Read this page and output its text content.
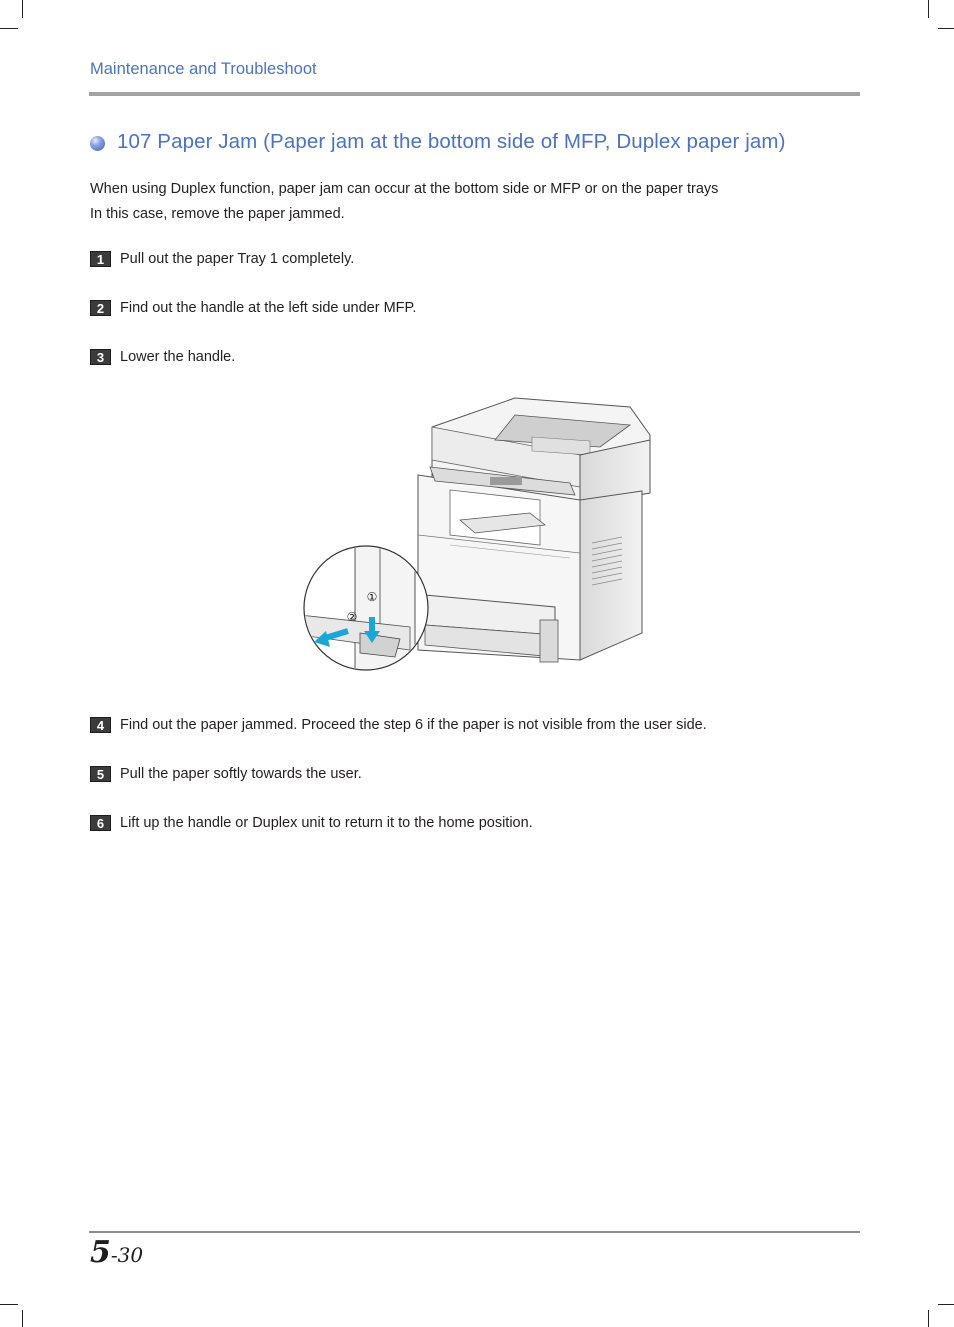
Maintenance and Troubleshoot
107 Paper Jam (Paper jam at the bottom side of MFP, Duplex paper jam)
When using Duplex function, paper jam can occur at the bottom side or MFP or on the paper trays
In this case, remove the paper jammed.
1	Pull out the paper Tray 1 completely.
2	Find out the handle at the left side under MFP.
3	Lower the handle.
①
②
4	Find out the paper jammed. Proceed the step 6 if the paper is not visible from the user side.
5	Pull the paper softly towards the user.
6	Lift up the handle or Duplex unit to return it to the home position.
5-30
